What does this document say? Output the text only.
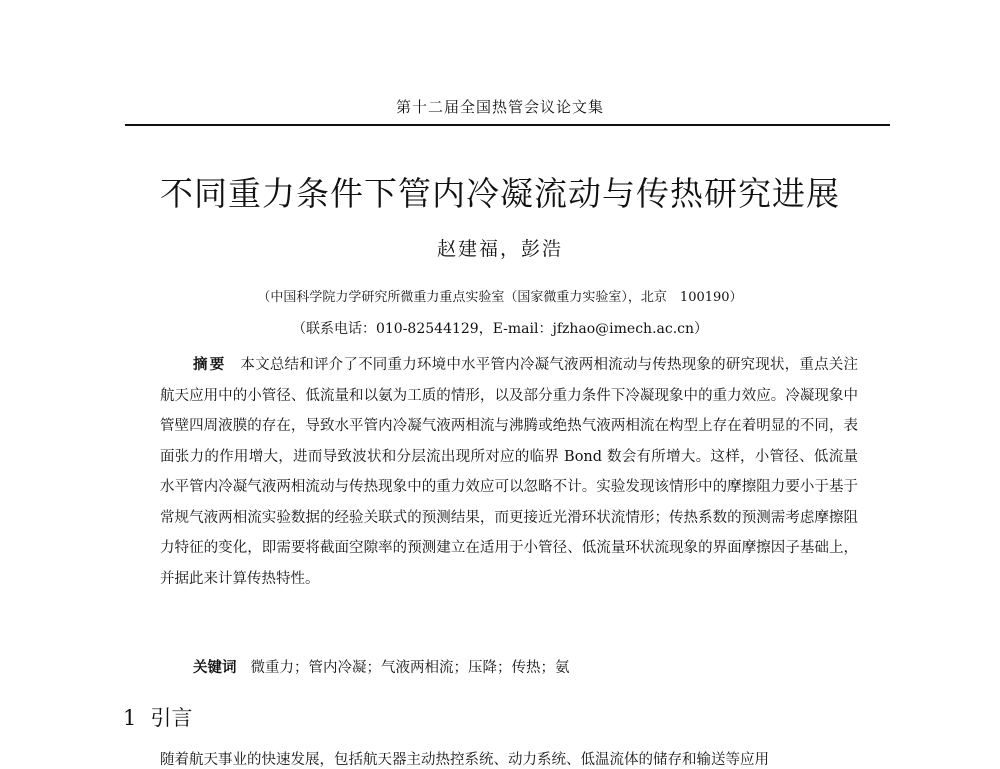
第十二届全国热管会议论文集
不同重力条件下管内冷凝流动与传热研究进展
赵建福，彭浩
（中国科学院力学研究所微重力重点实验室（国家微重力实验室），北京　100190）
（联系电话：010-82544129，E-mail：jfzhao@imech.ac.cn）

摘要 本文总结和评介了不同重力环境中水平管内冷凝气液两相流动与传热现象的研究现状，重点关注航天应用中的小管径、低流量和以氨为工质的情形，以及部分重力条件下冷凝现象中的重力效应。冷凝现象中管壁四周液膜的存在，导致水平管内冷凝气液两相流与沸腾或绝热气液两相流在构型上存在着明显的不同，表面张力的作用增大，进而导致波状和分层流出现所对应的临界 Bond 数会有所增大。这样，小管径、低流量水平管内冷凝气液两相流动与传热现象中的重力效应可以忽略不计。实验发现该情形中的摩擦阻力要小于基于常规气液两相流实验数据的经验关联式的预测结果，而更接近光滑环状流情形；传热系数的预测需考虑摩擦阻力特征的变化，即需要将截面空隙率的预测建立在适用于小管径、低流量环状流现象的界面摩擦因子基础上，并据此来计算传热特性。

关键词 微重力；管内冷凝；气液两相流；压降；传热；氨

1 引言

随着航天事业的快速发展，包括航天器主动热控系统、动力系统、低温流体的储存和输送等应用
